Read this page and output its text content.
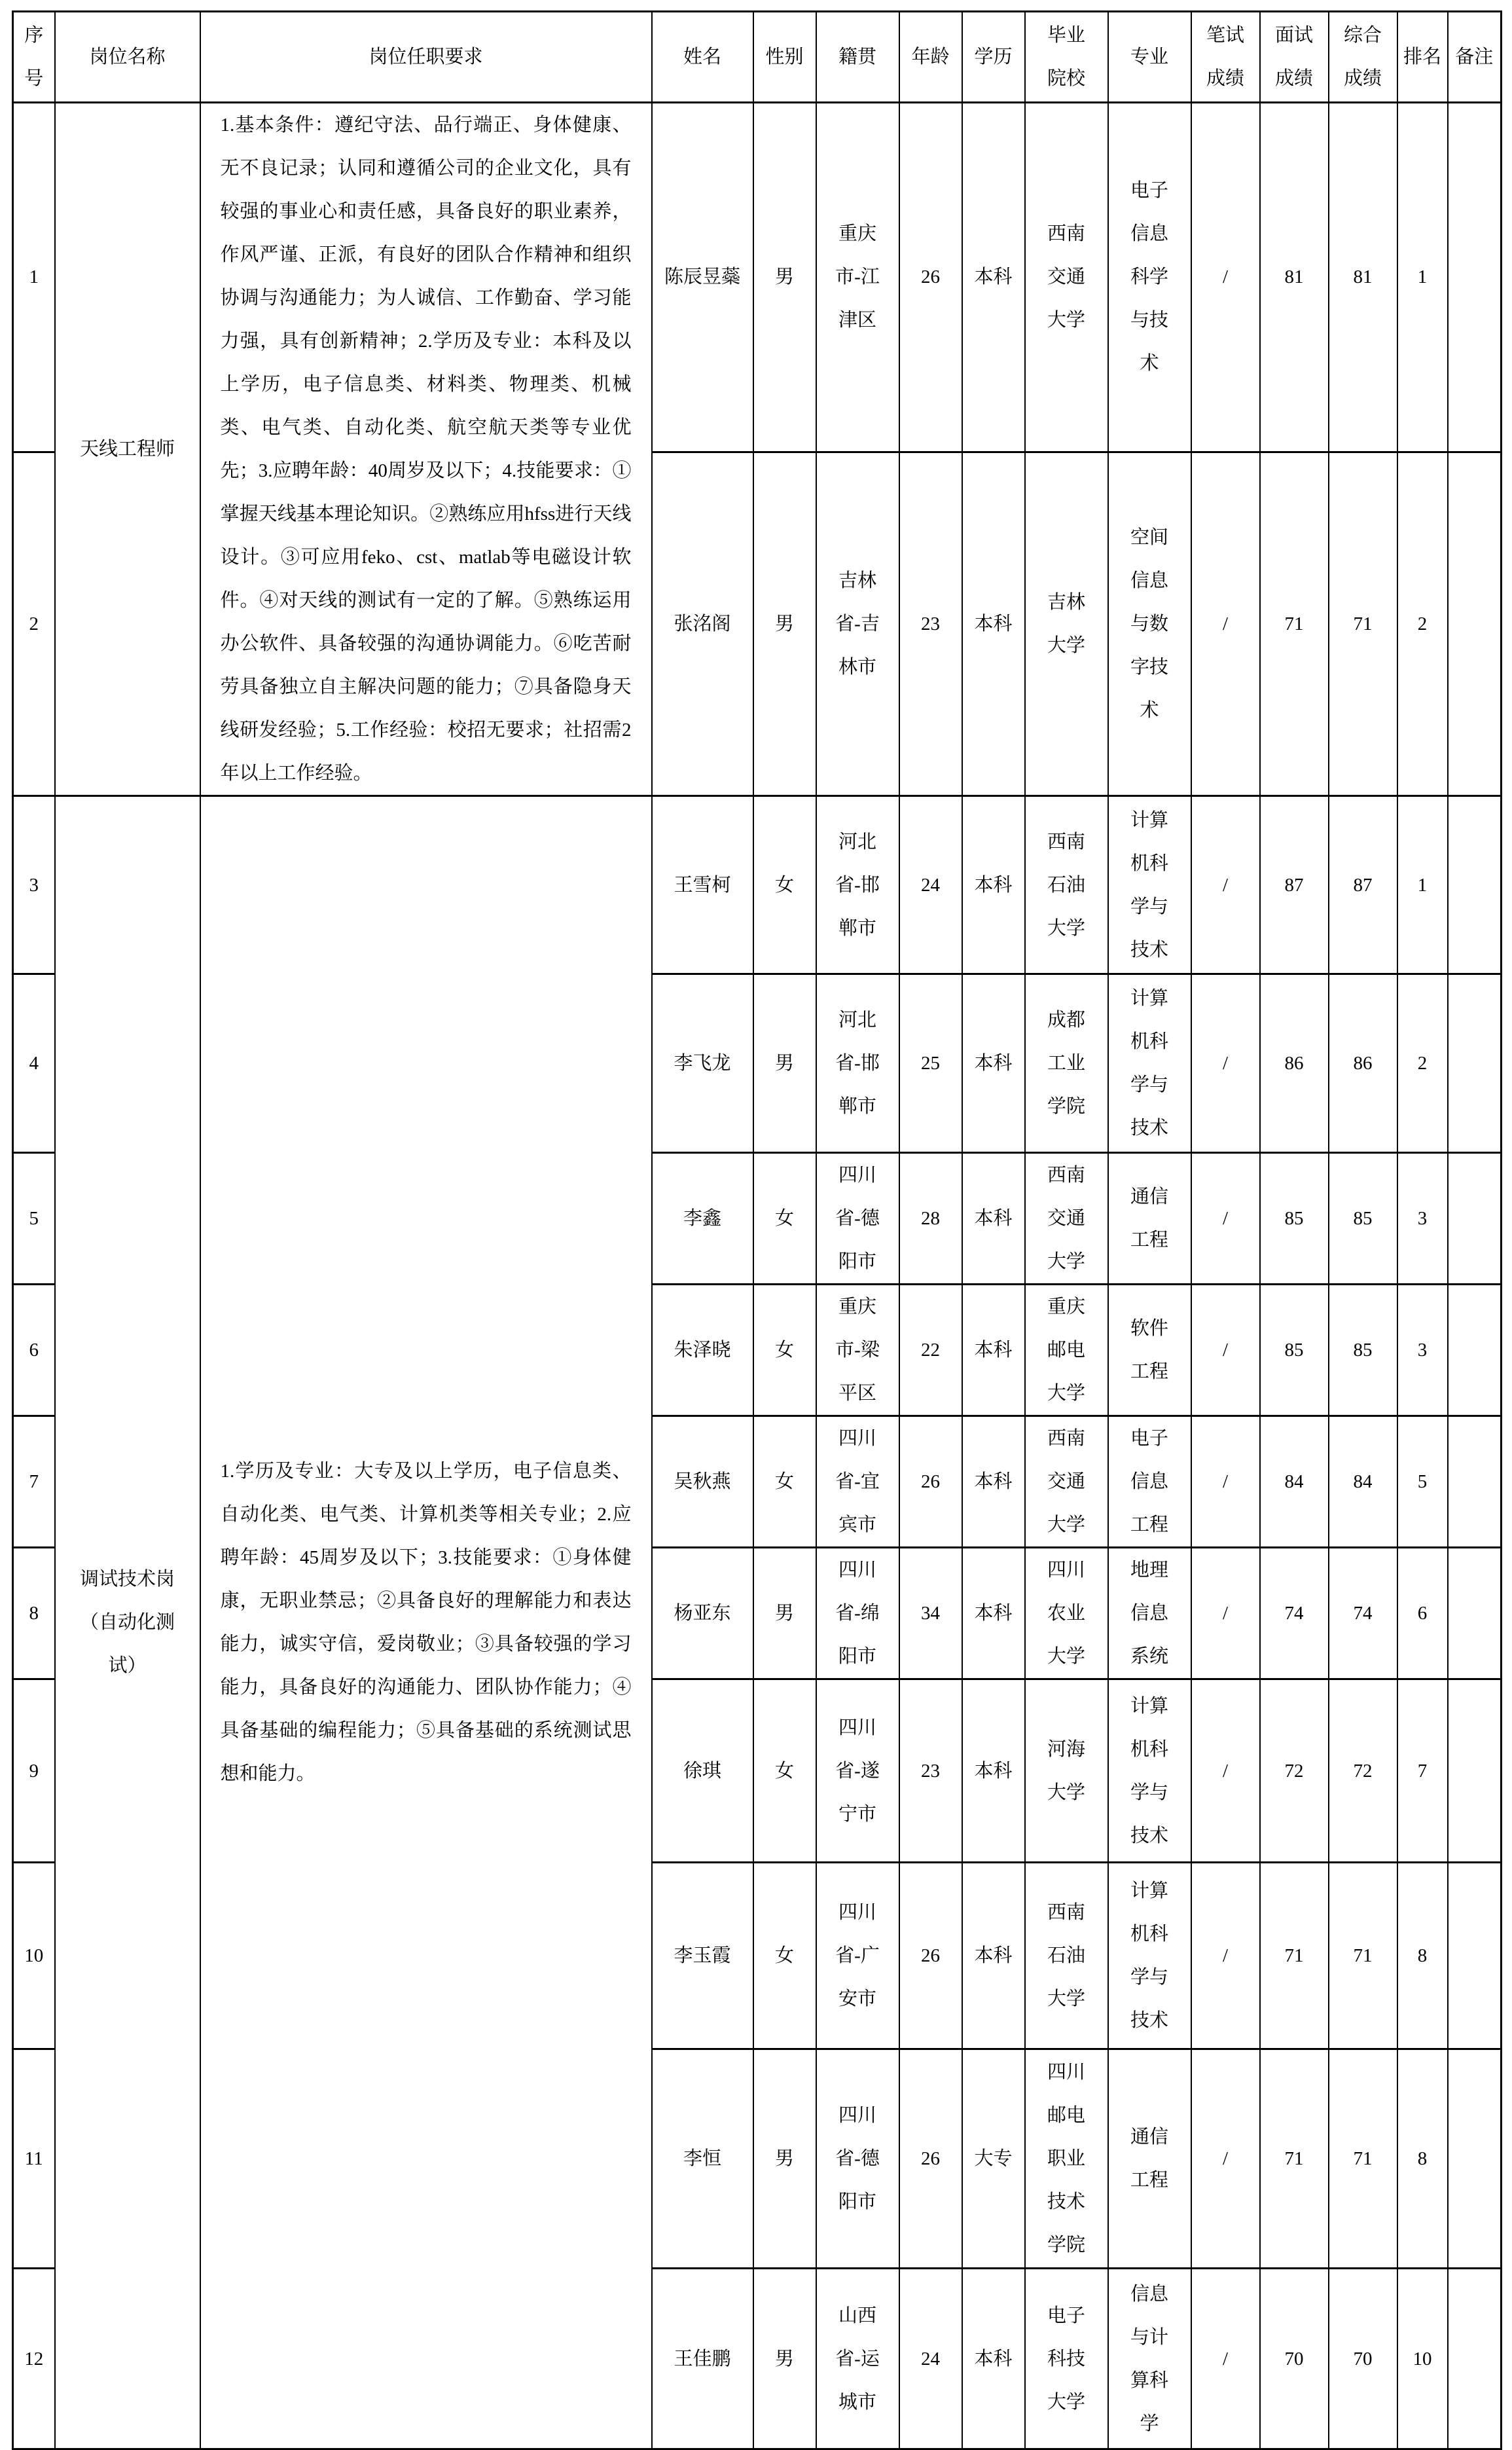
序号	岗位名称	岗位任职要求	姓名	性别	籍贯	年龄	学历	毕业院校	专业	笔试成绩	面试成绩	综合成绩	排名	备注
1	天线工程师	1.基本条件：遵纪守法、品行端正、身体健康、无不良记录；认同和遵循公司的企业文化，具有较强的事业心和责任感，具备良好的职业素养，作风严谨、正派，有良好的团队合作精神和组织协调与沟通能力；为人诚信、工作勤奋、学习能力强，具有创新精神；2.学历及专业：本科及以上学历，电子信息类、材料类、物理类、机械类、电气类、自动化类、航空航天类等专业优先；3.应聘年龄：40周岁及以下；4.技能要求：①掌握天线基本理论知识。②熟练应用hfss进行天线设计。③可应用feko、cst、matlab等电磁设计软件。④对天线的测试有一定的了解。⑤熟练运用办公软件、具备较强的沟通协调能力。⑥吃苦耐劳具备独立自主解决问题的能力；⑦具备隐身天线研发经验；5.工作经验：校招无要求；社招需2年以上工作经验。	陈辰昱蘂	男	重庆市-江津区	26	本科	西南交通大学	电子信息科学与技术	/	81	81	1	
2			张洺阁	男	吉林省-吉林市	23	本科	吉林大学	空间信息与数字技术	/	71	71	2	
3	调试技术岗（自动化测试）	1.学历及专业：大专及以上学历，电子信息类、自动化类、电气类、计算机类等相关专业；2.应聘年龄：45周岁及以下；3.技能要求：①身体健康，无职业禁忌；②具备良好的理解能力和表达能力，诚实守信，爱岗敬业；③具备较强的学习能力，具备良好的沟通能力、团队协作能力；④具备基础的编程能力；⑤具备基础的系统测试思想和能力。	王雪柯	女	河北省-邯郸市	24	本科	西南石油大学	计算机科学与技术	/	87	87	1	
4			李飞龙	男	河北省-邯郸市	25	本科	成都工业学院	计算机科学与技术	/	86	86	2	
5			李鑫	女	四川省-德阳市	28	本科	西南交通大学	通信工程	/	85	85	3	
6			朱泽晓	女	重庆市-梁平区	22	本科	重庆邮电大学	软件工程	/	85	85	3	
7			吴秋燕	女	四川省-宜宾市	26	本科	西南交通大学	电子信息工程	/	84	84	5	
8			杨亚东	男	四川省-绵阳市	34	本科	四川农业大学	地理信息系统	/	74	74	6	
9			徐琪	女	四川省-遂宁市	23	本科	河海大学	计算机科学与技术	/	72	72	7	
10			李玉霞	女	四川省-广安市	26	本科	西南石油大学	计算机科学与技术	/	71	71	8	
11			李恒	男	四川省-德阳市	26	大专	四川邮电职业技术学院	通信工程	/	71	71	8	
12			王佳鹏	男	山西省-运城市	24	本科	电子科技大学	信息与计算科学	/	70	70	10	
